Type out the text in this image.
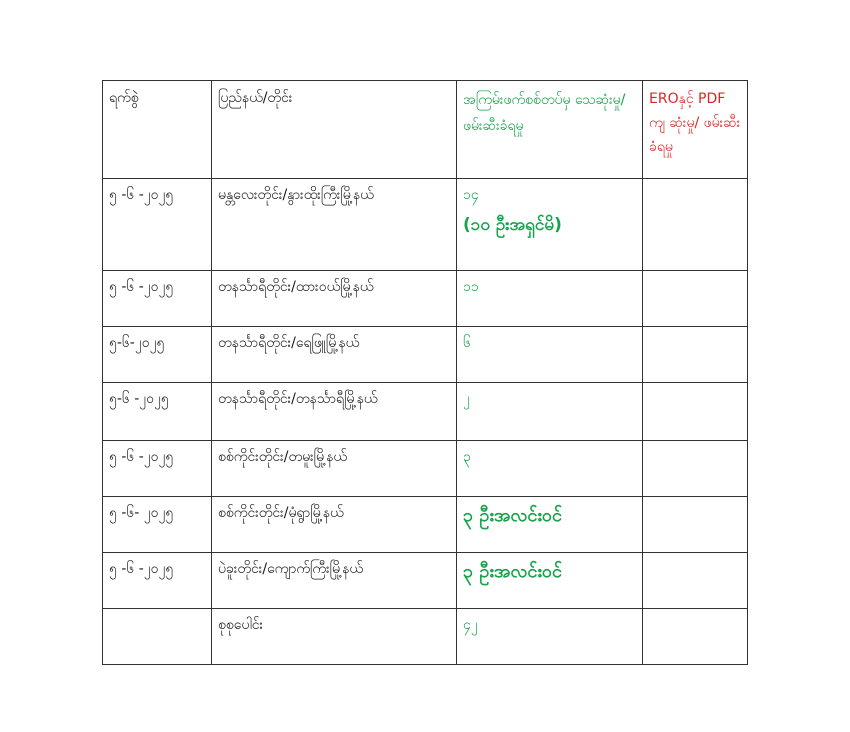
ရက်စွဲ	ပြည်နယ်/တိုင်း	အကြမ်းဖက်စစ်တပ်မှ သေဆုံးမှု/ ဖမ်းဆီးခံရမှု	EROနှင့် PDF ကျ ဆုံးမှု/ ဖမ်းဆီး ခံရမှု
၅ -၆ -၂၀၂၅	မန္တလေးတိုင်း/နွားထိုးကြီးမြို့နယ်	၁၄
(၁၀ ဦးအရှင်မိ)	

၅ -၆ -၂၀၂၅	တနင်္သာရီတိုင်း/ထားဝယ်မြို့နယ်	၁၁	
၅-၆-၂၀၂၅	တနင်္သာရီတိုင်း/ရေဖြူမြို့နယ်	၆	
၅-၆ -၂၀၂၅	တနင်္သာရီတိုင်း/တနင်္သာရီမြို့နယ်	၂	
၅ -၆ -၂၀၂၅	စစ်ကိုင်းတိုင်း/တမူးမြို့နယ်	၃	
၅ -၆- ၂၀၂၅	စစ်ကိုင်းတိုင်း/မုံရွာမြို့နယ်	၃ ဦးအလင်းဝင်	
၅ -၆ -၂၀၂၅	ပဲခူးတိုင်း/ကျောက်ကြီးမြို့နယ်	၃ ဦးအလင်းဝင်	
	စုစုပေါင်း	၄၂	
